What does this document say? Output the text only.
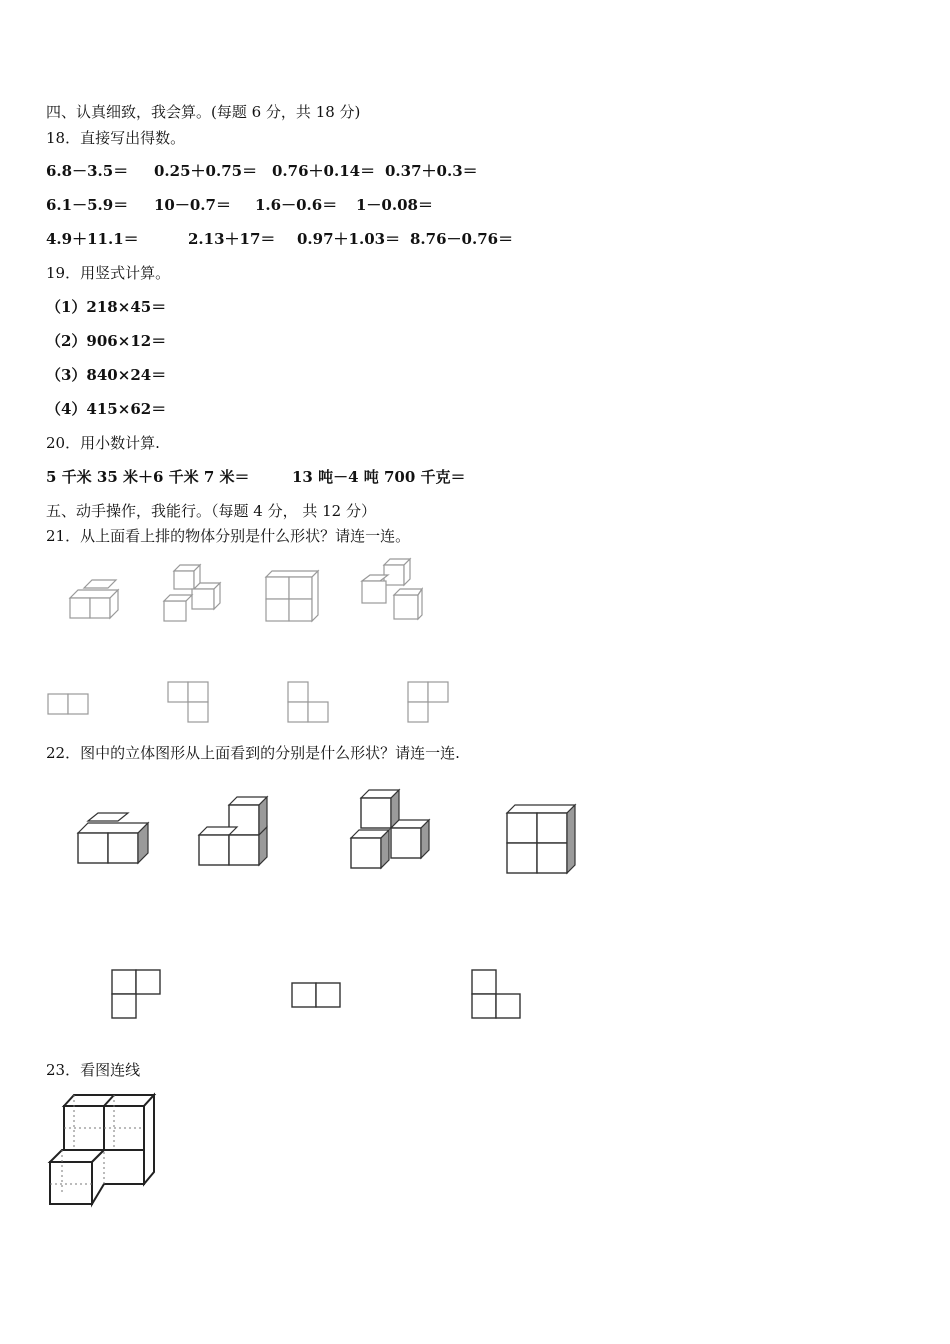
四、认真细致，我会算。(每题 6 分，共 18 分)
18．直接写出得数。
6.8－3.5＝ 0.25＋0.75＝ 0.76＋0.14＝ 0.37＋0.3＝
6.1－5.9＝ 10－0.7＝ 1.6－0.6＝ 1－0.08＝
4.9＋11.1＝	2.13＋17＝ 0.97＋1.03＝ 8.76－0.76＝
19．用竖式计算。
（1）218×45＝
（2）906×12＝
（3）840×24＝
（4）415×62＝
20．用小数计算.
5 千米 35 米＋6 千米 7 米＝	13 吨－4 吨 700 千克＝
五、动手操作，我能行。（每题 4 分， 共 12 分）
21．从上面看上排的物体分别是什么形状？请连一连。
22．图中的立体图形从上面看到的分别是什么形状？请连一连.
23．看图连线
